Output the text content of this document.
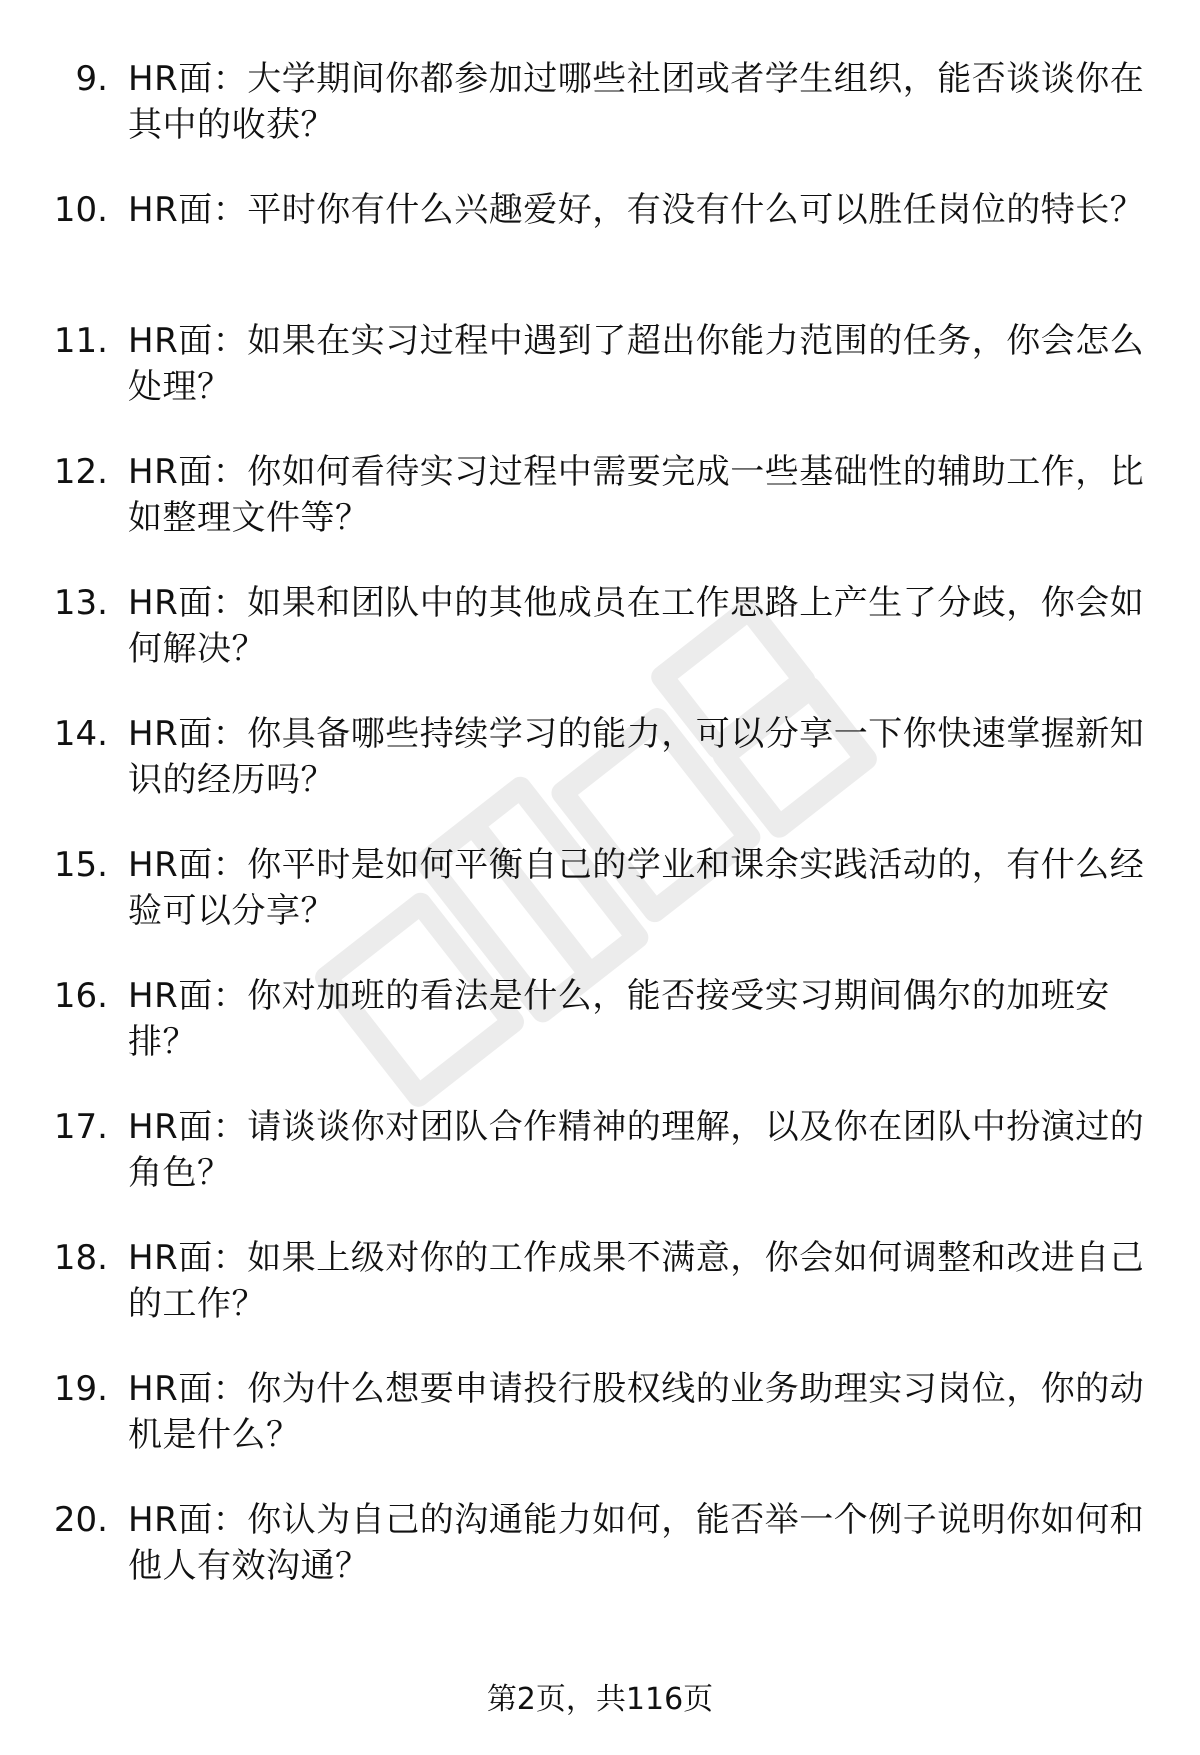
9. HR面：大学期间你都参加过哪些社团或者学生组织，能否谈谈你在其中的收获？
10. HR面：平时你有什么兴趣爱好，有没有什么可以胜任岗位的特长？
11. HR面：如果在实习过程中遇到了超出你能力范围的任务，你会怎么处理？
12. HR面：你如何看待实习过程中需要完成一些基础性的辅助工作，比如整理文件等？
13. HR面：如果和团队中的其他成员在工作思路上产生了分歧，你会如何解决？
14. HR面：你具备哪些持续学习的能力，可以分享一下你快速掌握新知识的经历吗？
15. HR面：你平时是如何平衡自己的学业和课余实践活动的，有什么经验可以分享？
16. HR面：你对加班的看法是什么，能否接受实习期间偶尔的加班安排？
17. HR面：请谈谈你对团队合作精神的理解，以及你在团队中扮演过的角色？
18. HR面：如果上级对你的工作成果不满意，你会如何调整和改进自己的工作？
19. HR面：你为什么想要申请投行股权线的业务助理实习岗位，你的动机是什么？
20. HR面：你认为自己的沟通能力如何，能否举一个例子说明你如何和他人有效沟通？
第2页，共116页
